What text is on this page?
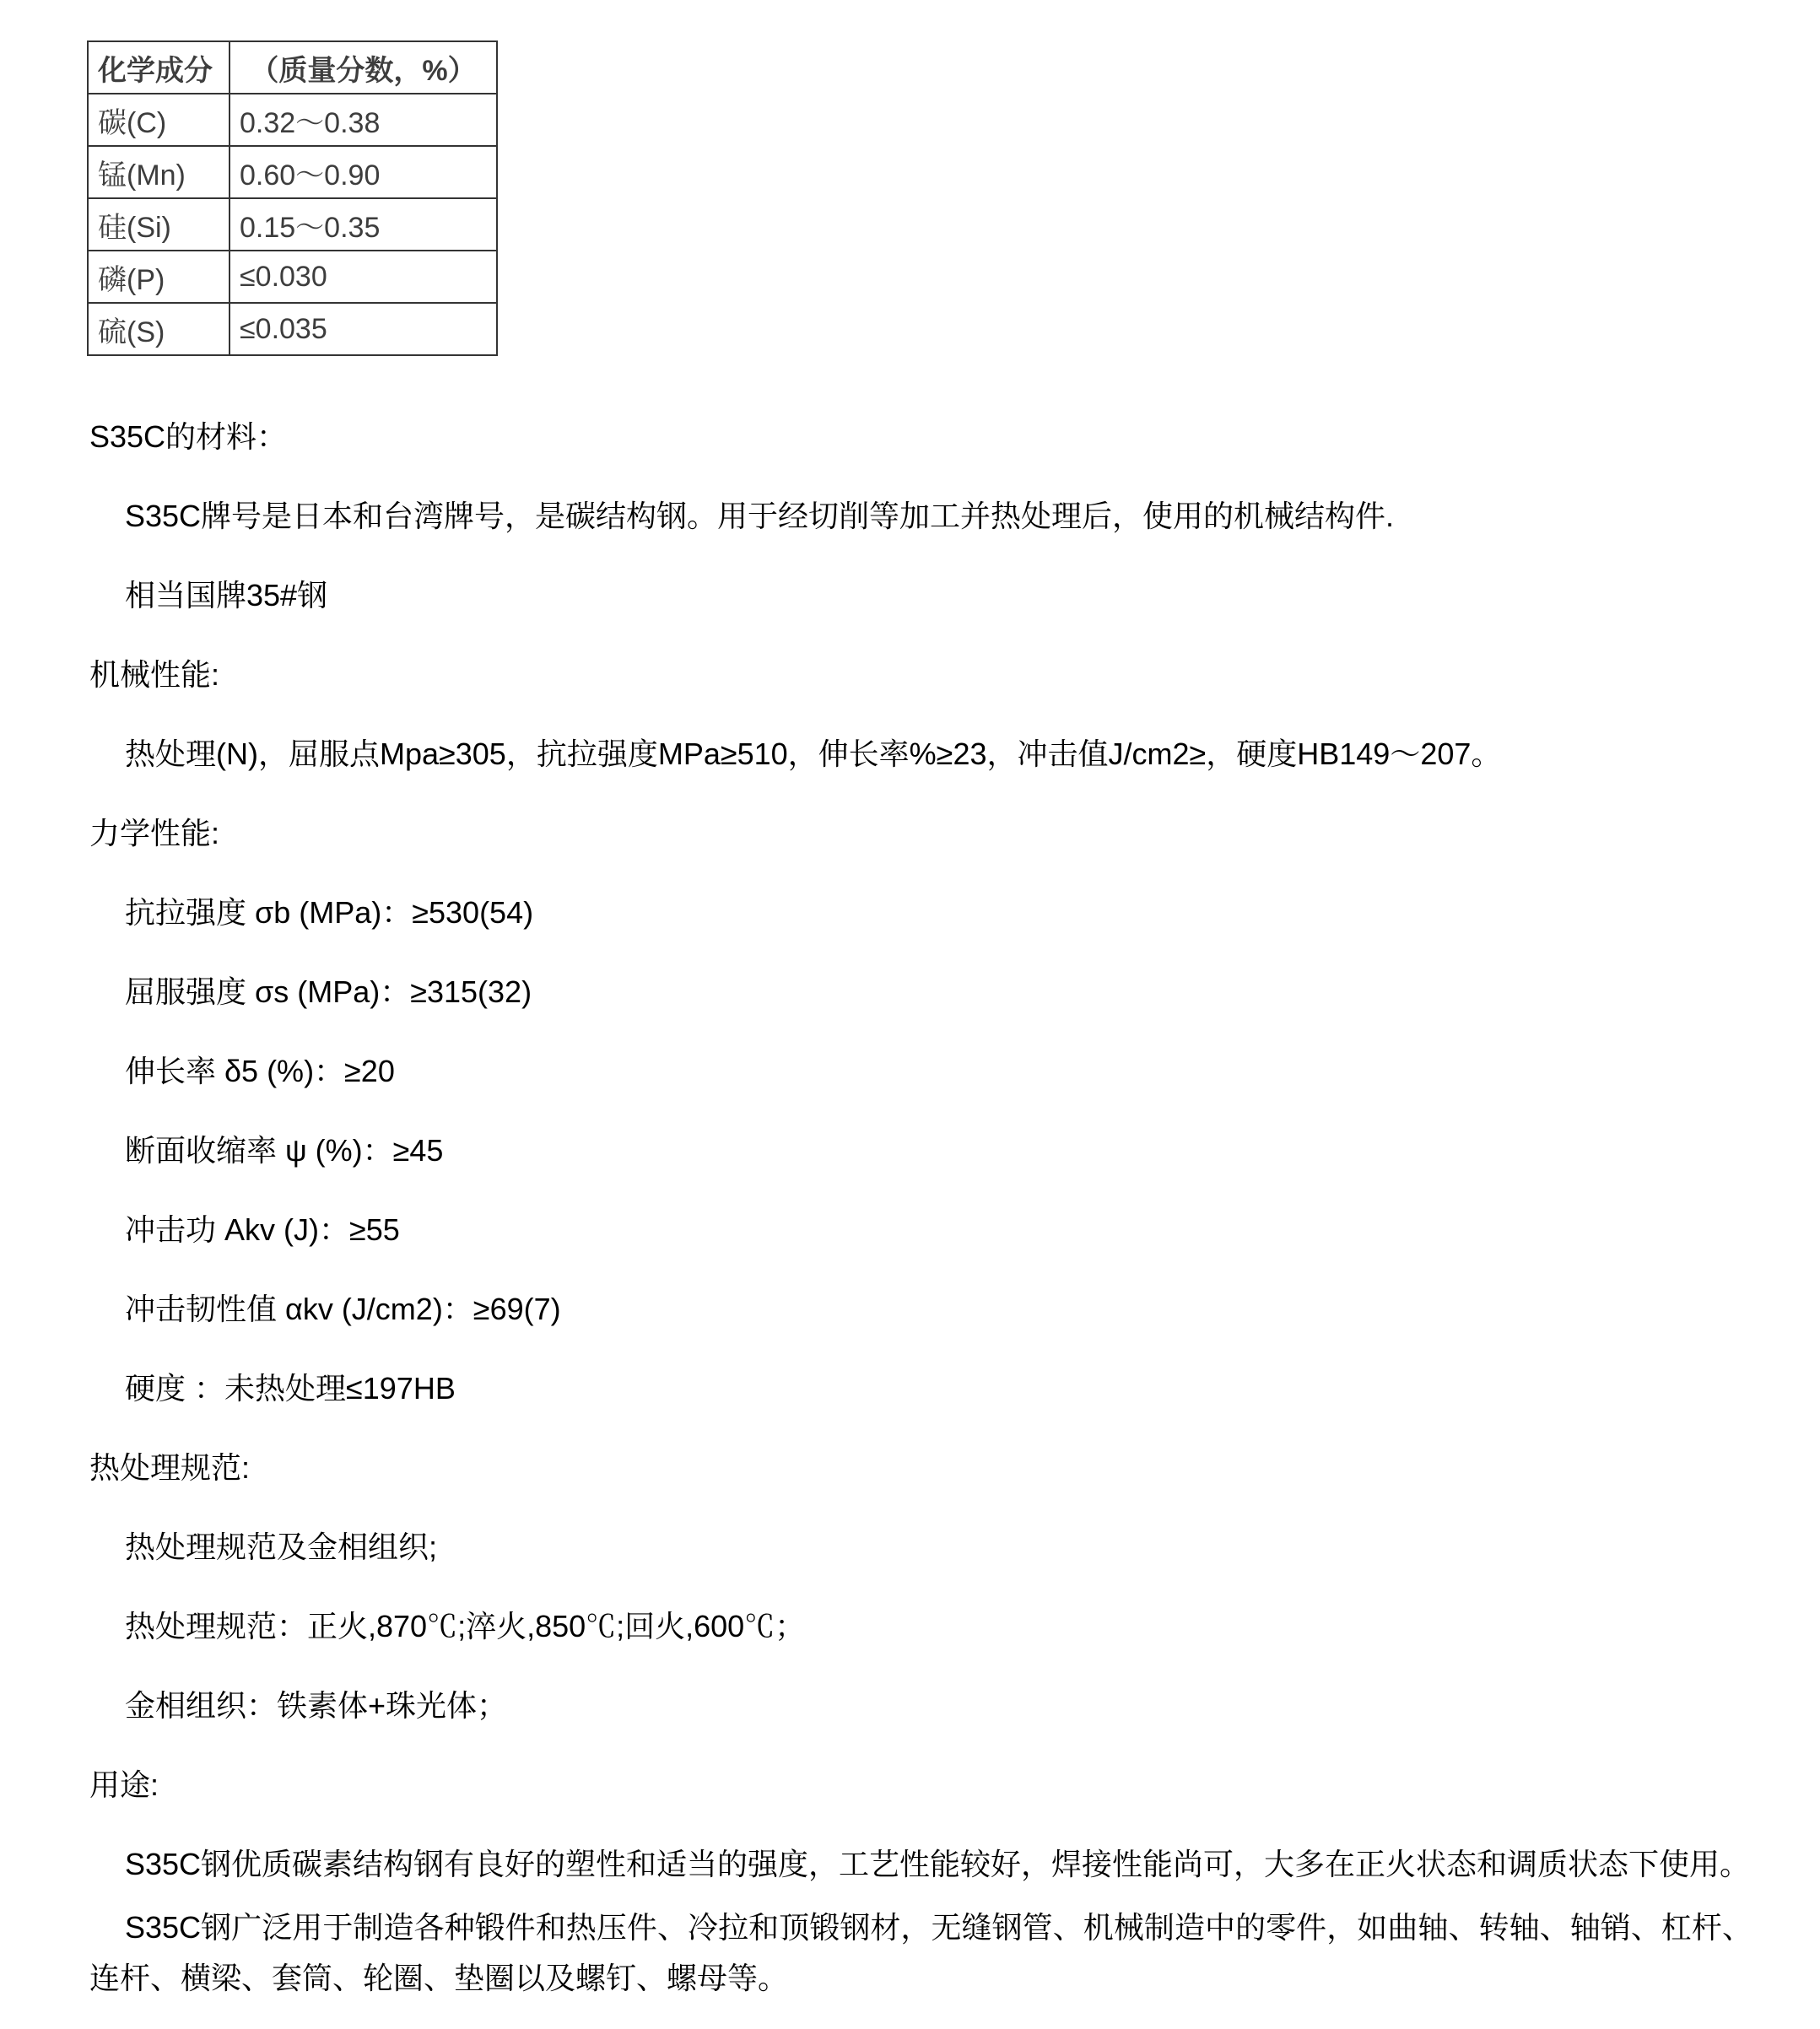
化学成分	（质量分数，%）
碳(C)	0.32～0.38
锰(Mn)	0.60～0.90
硅(Si)	0.15～0.35
磷(P)	≤0.030
硫(S)	≤0.035
S35C的材料：
S35C牌号是日本和台湾牌号，是碳结构钢。用于经切削等加工并热处理后，使用的机械结构件.
相当国牌35#钢
机械性能:
热处理(N)，屈服点Mpa≥305，抗拉强度MPa≥510，伸长率%≥23，冲击值J/cm2≥，硬度HB149～207。
力学性能:
抗拉强度 σb (MPa)：≥530(54)
屈服强度 σs (MPa)：≥315(32)
伸长率 δ5 (%)：≥20
断面收缩率 ψ (%)：≥45
冲击功 Akv (J)：≥55
冲击韧性值 αkv (J/cm2)：≥69(7)
硬度 ：未热处理≤197HB
热处理规范:
热处理规范及金相组织;
热处理规范：正火,870℃;淬火,850℃;回火,600℃；
金相组织：铁素体+珠光体；
用途:
S35C钢优质碳素结构钢有良好的塑性和适当的强度，工艺性能较好，焊接性能尚可，大多在正火状态和调质状态下使用。
S35C钢广泛用于制造各种锻件和热压件、冷拉和顶锻钢材，无缝钢管、机械制造中的零件，如曲轴、转轴、轴销、杠杆、连杆、横梁、套筒、轮圈、垫圈以及螺钉、螺母等。
